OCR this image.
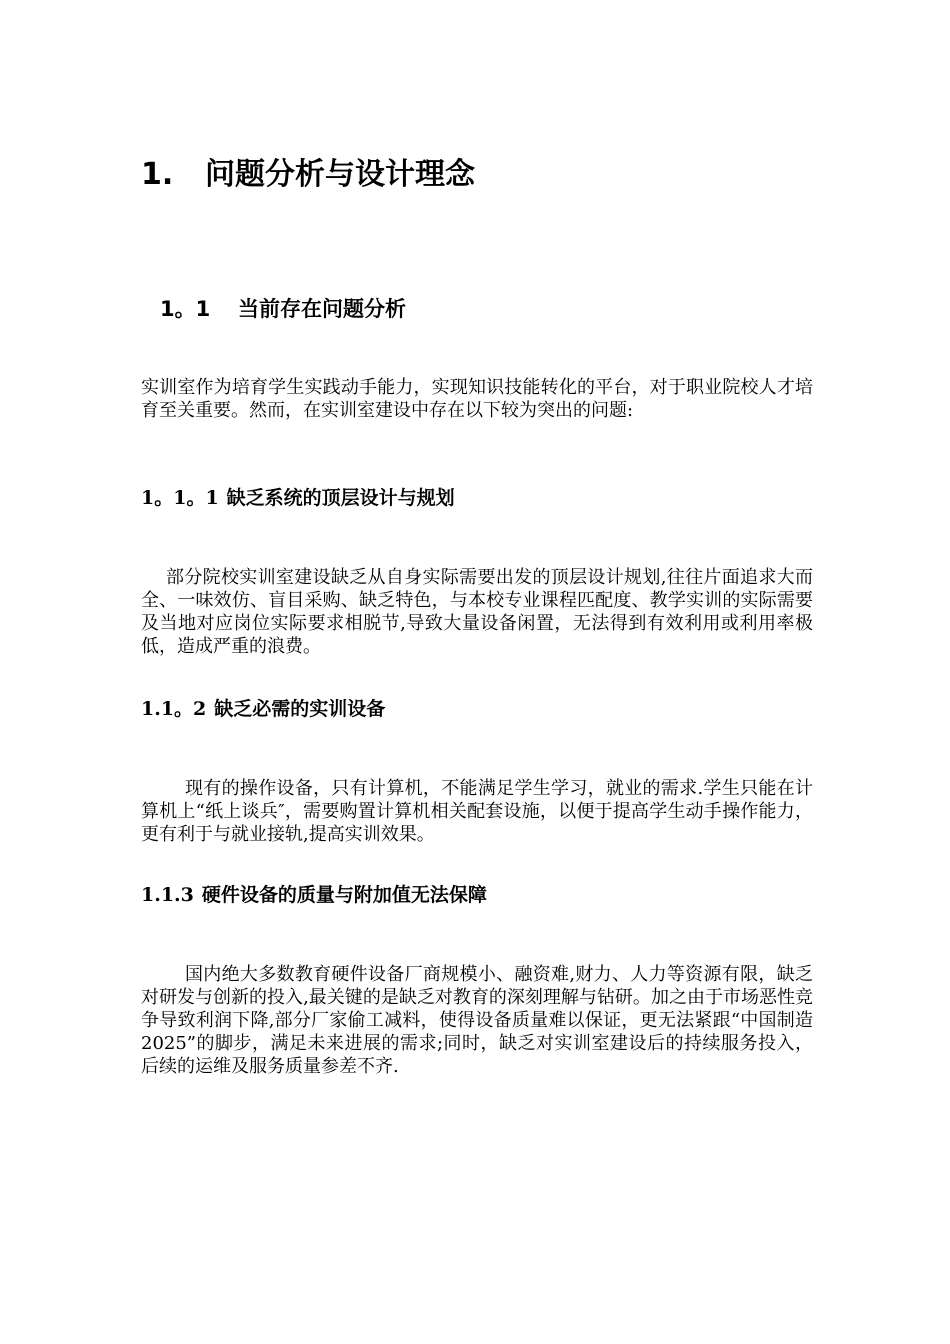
1. 问题分析与设计理念
1。1 当前存在问题分析
实训室作为培育学生实践动手能力，实现知识技能转化的平台，对于职业院校人才培育至关重要。然而，在实训室建设中存在以下较为突出的问题:
1。1。1 缺乏系统的顶层设计与规划
部分院校实训室建设缺乏从自身实际需要出发的顶层设计规划,往往片面追求大而全、一味效仿、盲目采购、缺乏特色，与本校专业课程匹配度、教学实训的实际需要及当地对应岗位实际要求相脱节,导致大量设备闲置，无法得到有效利用或利用率极低，造成严重的浪费。
1.1。2 缺乏必需的实训设备
现有的操作设备，只有计算机，不能满足学生学习，就业的需求.学生只能在计算机上“纸上谈兵″，需要购置计算机相关配套设施，以便于提高学生动手操作能力，更有利于与就业接轨,提高实训效果。
1.1.3 硬件设备的质量与附加值无法保障
国内绝大多数教育硬件设备厂商规模小、融资难,财力、人力等资源有限，缺乏对研发与创新的投入,最关键的是缺乏对教育的深刻理解与钻研。加之由于市场恶性竞争导致利润下降,部分厂家偷工减料，使得设备质量难以保证，更无法紧跟“中国制造　2025”的脚步，满足未来进展的需求;同时，缺乏对实训室建设后的持续服务投入，后续的运维及服务质量参差不齐.
